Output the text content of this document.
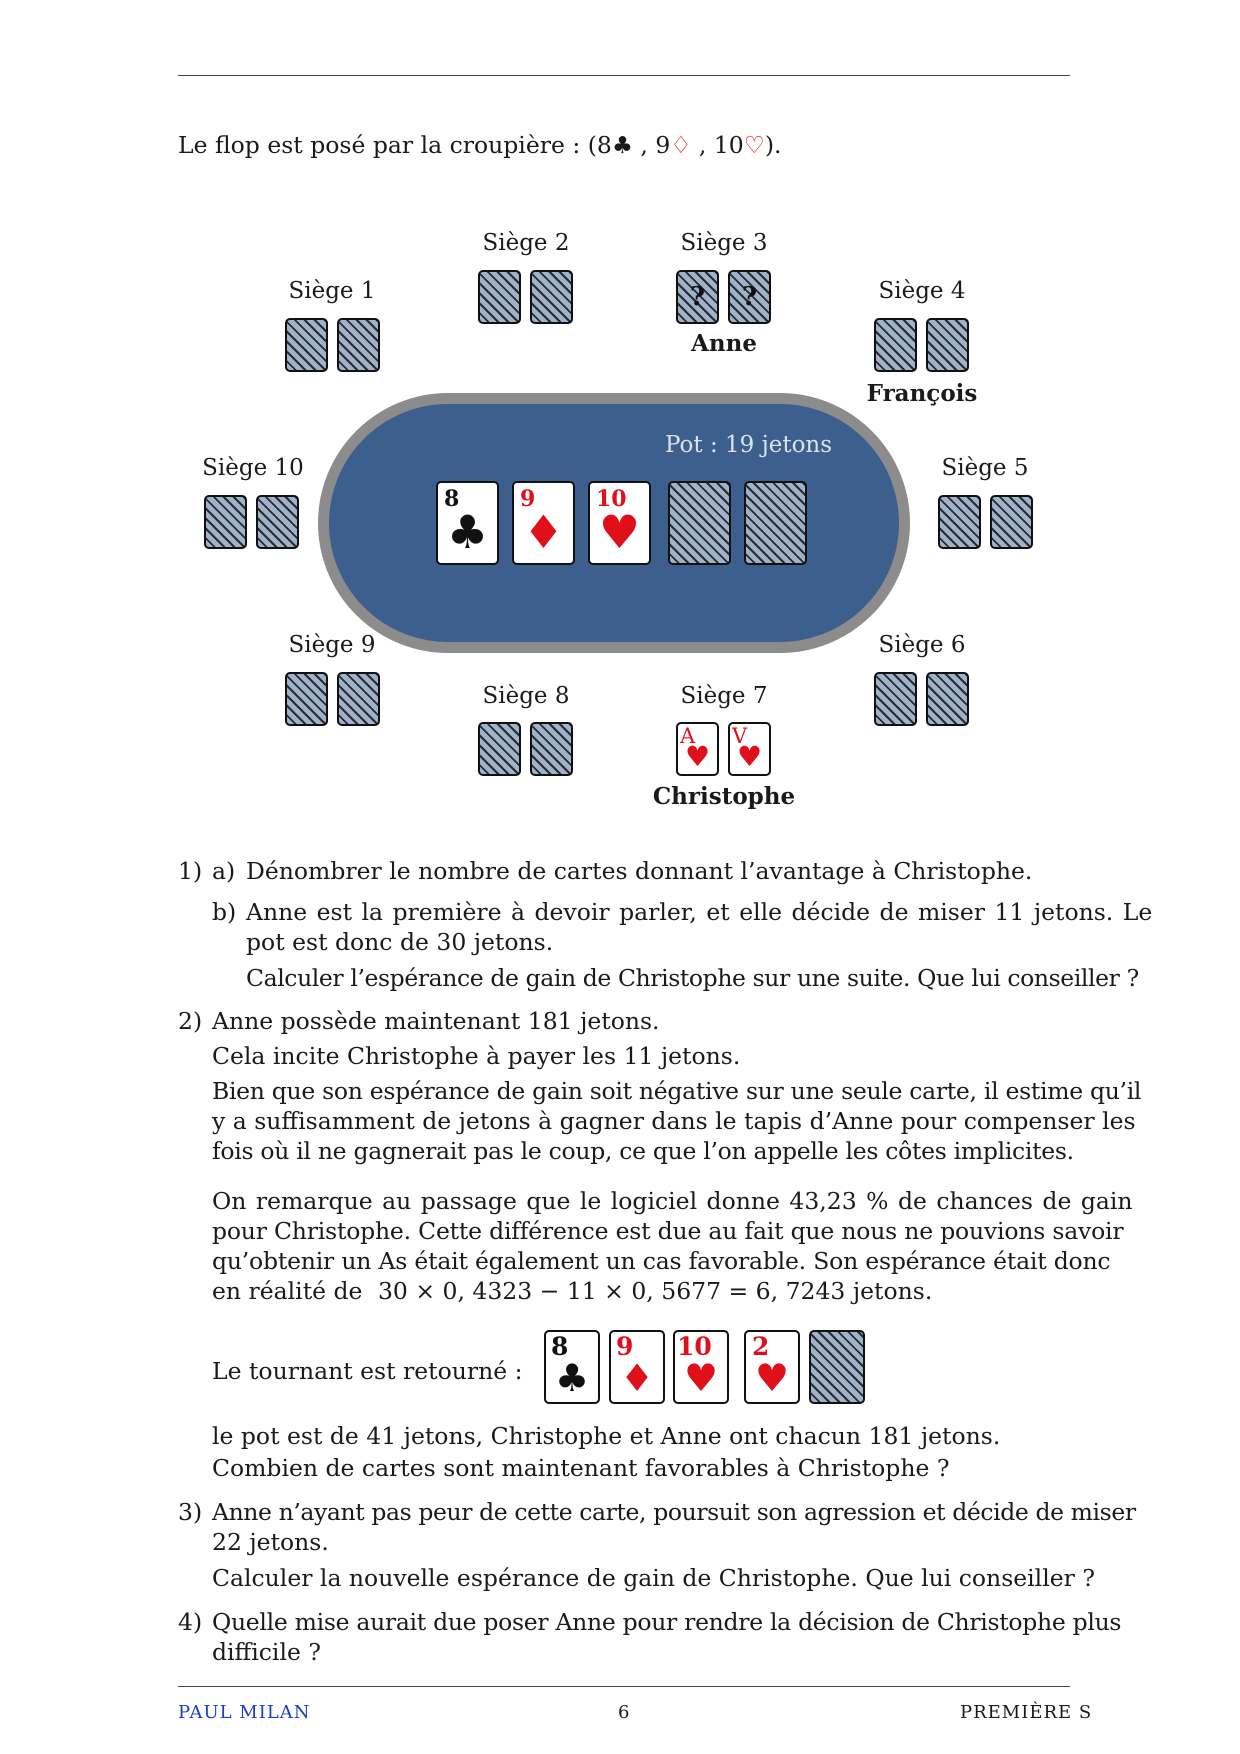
Le flop est posé par la croupière : (8♣ , 9♢ , 10♡).
Pot : 19 jetons
Siège 1
Siège 2	Siège 3
Siège 4
Siège 5
Siège 6
Siège 7
Siège 8
Siège 9
Siège 10
Anne
François
Christophe
?	?
A
♥
V
♥
8
♣
9
♦
10
♥
1) a) Dénombrer le nombre de cartes donnant l’avantage à Christophe.
b) Anne est la première à devoir parler, et elle décide de miser 11 jetons. Le
pot est donc de 30 jetons.
Calculer l’espérance de gain de Christophe sur une suite. Que lui conseiller ?
2) Anne possède maintenant 181 jetons.
Cela incite Christophe à payer les 11 jetons.
Bien que son espérance de gain soit négative sur une seule carte, il estime qu’il
y a suffisamment de jetons à gagner dans le tapis d’Anne pour compenser les
fois où il ne gagnerait pas le coup, ce que l’on appelle les côtes implicites.
On remarque au passage que le logiciel donne 43,23 % de chances de gain
pour Christophe. Cette différence est due au fait que nous ne pouvions savoir
qu’obtenir un As était également un cas favorable. Son espérance était donc
en réalité de 30 × 0, 4323 − 11 × 0, 5677 = 6, 7243 jetons.
Le tournant est retourné :
8
♣
9
♦
10
♥
2
♥
le pot est de 41 jetons, Christophe et Anne ont chacun 181 jetons.
Combien de cartes sont maintenant favorables à Christophe ?
3) Anne n’ayant pas peur de cette carte, poursuit son agression et décide de miser
22 jetons.
Calculer la nouvelle espérance de gain de Christophe. Que lui conseiller ?
4) Quelle mise aurait due poser Anne pour rendre la décision de Christophe plus
difficile ?
PAUL MILAN	6	PREMIÈRE S
